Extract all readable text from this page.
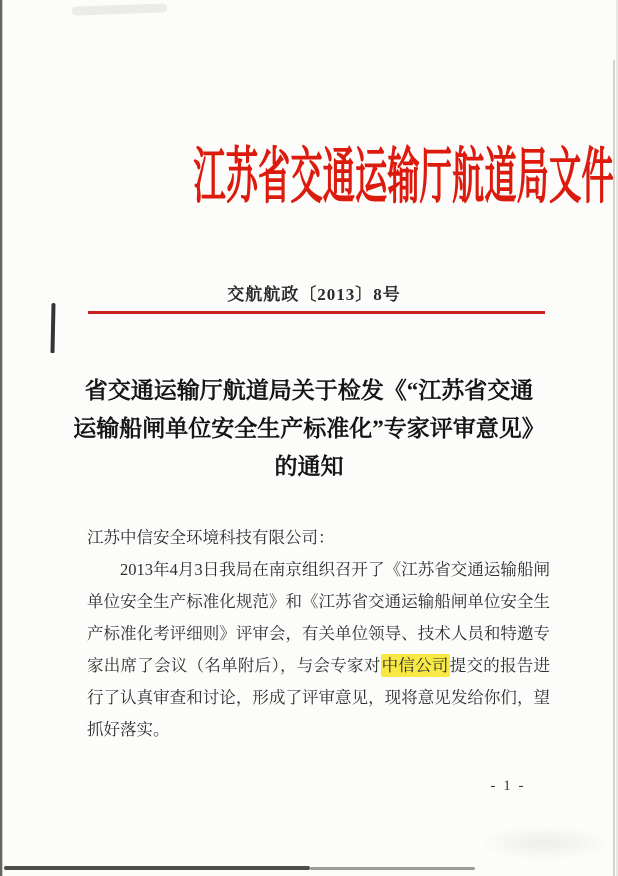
江苏省交通运输厅航道局文件
交航航政〔2013〕8号
省交通运输厅航道局关于检发《“江苏省交通
运输船闸单位安全生产标准化”专家评审意见》
的通知
江苏中信安全环境科技有限公司：
2013年4月3日我局在南京组织召开了《江苏省交通运输船闸
单位安全生产标准化规范》和《江苏省交通运输船闸单位安全生
产标准化考评细则》评审会，有关单位领导、技术人员和特邀专
家出席了会议（名单附后），与会专家对中信公司提交的报告进
行了认真审查和讨论，形成了评审意见，现将意见发给你们，望
抓好落实。
- 1 -
